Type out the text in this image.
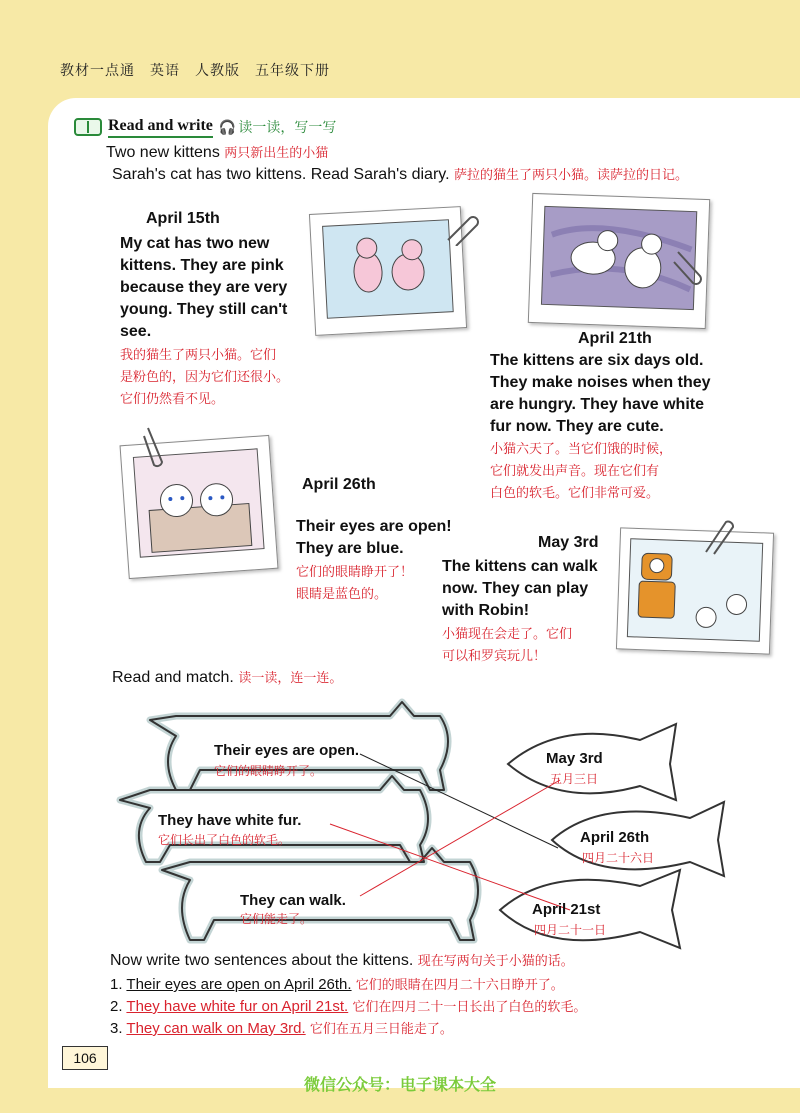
教材一点通　英语　人教版　五年级下册
Read and write 🎧 读一读，写一写
Two new kittens 两只新出生的小猫
Sarah's cat has two kittens. Read Sarah's diary. 萨拉的猫生了两只小猫。读萨拉的日记。
April 15th
My cat has two new
kittens. They are pink
because they are very
young. They still can't
see.
我的猫生了两只小猫。它们
是粉色的，因为它们还很小。
它们仍然看不见。
April 21th
The kittens are six days old.
They make noises when they
are hungry. They have white
fur now. They are cute.
小猫六天了。当它们饿的时候，
它们就发出声音。现在它们有
白色的软毛。它们非常可爱。
April 26th
Their eyes are open!
They are blue.
它们的眼睛睁开了！
眼睛是蓝色的。
May 3rd
The kittens can walk
now. They can play
with Robin!
小猫现在会走了。它们
可以和罗宾玩儿！
Read and match. 读一读，连一连。
Their eyes are open.
它们的眼睛睁开了。
They have white fur.
它们长出了白色的软毛。
They can walk.
它们能走了。
May 3rd
五月三日
April 26th
四月二十六日
April 21st
四月二十一日
Now write two sentences about the kittens. 现在写两句关于小猫的话。
1. Their eyes are open on April 26th. 它们的眼睛在四月二十六日睁开了。
2. They have white fur on April 21st. 它们在四月二十一日长出了白色的软毛。
3. They can walk on May 3rd. 它们在五月三日能走了。
106
微信公众号：电子课本大全
